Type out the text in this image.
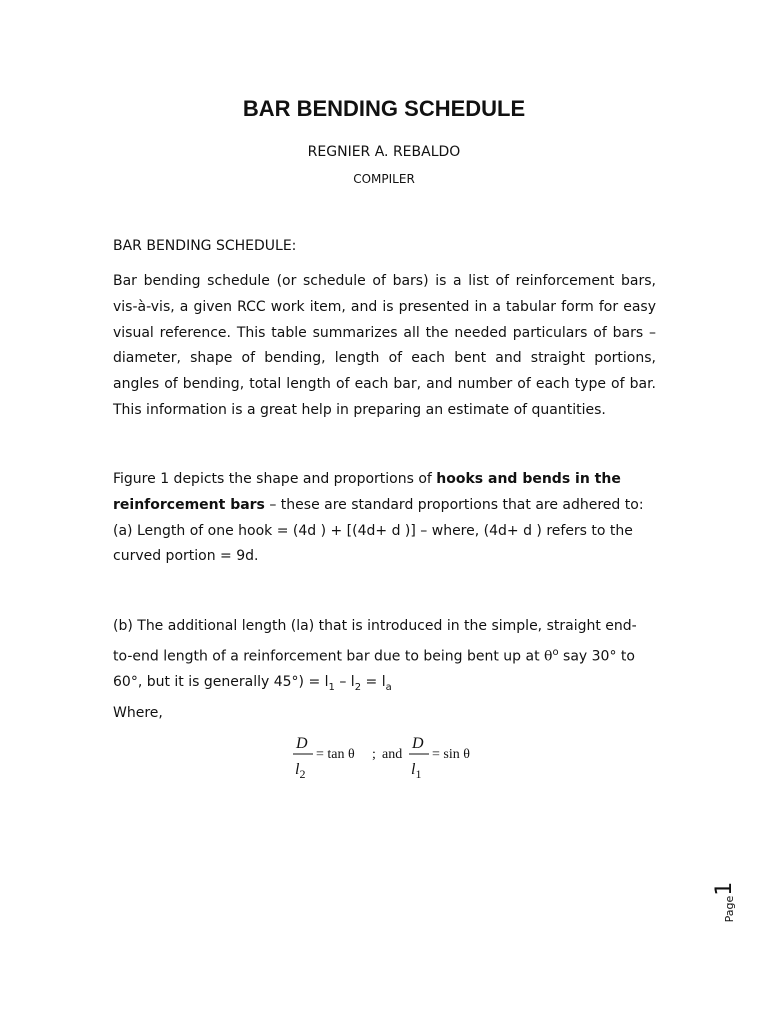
BAR BENDING SCHEDULE
REGNIER A. REBALDO
COMPILER
BAR BENDING SCHEDULE:
Bar bending schedule (or schedule of bars) is a list of reinforcement bars, vis-à-vis, a given RCC work item, and is presented in a tabular form for easy visual reference. This table summarizes all the needed particulars of bars – diameter, shape of bending, length of each bent and straight portions, angles of bending, total length of each bar, and number of each type of bar. This information is a great help in preparing an estimate of quantities.
Figure 1 depicts the shape and proportions of hooks and bends in the reinforcement bars – these are standard proportions that are adhered to:
(a) Length of one hook = (4d ) + [(4d+ d )] – where, (4d+ d ) refers to the curved portion = 9d.
(b) The additional length (la) that is introduced in the simple, straight end-to-end length of a reinforcement bar due to being bent up at $\theta^o$ say 30° to 60°, but it is generally $45^\circ) = l_1 - l_2 = l_a$
Where,
D
$l_2$
= tan θ ; and
D
$l_1$
= sin θ
Page
1
